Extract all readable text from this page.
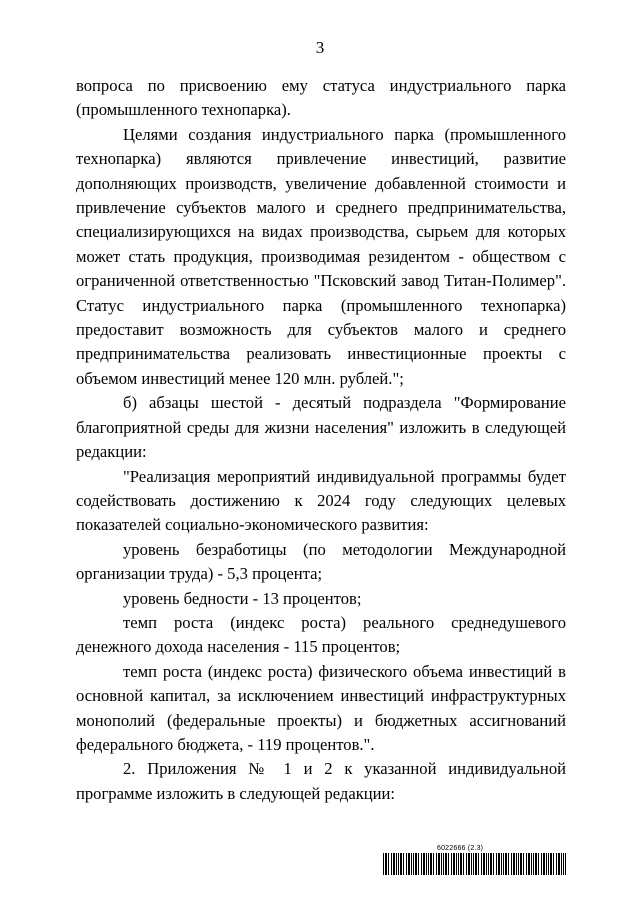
3

вопроса по присвоению ему статуса индустриального парка (промышленного технопарка).

Целями создания индустриального парка (промышленного технопарка) являются привлечение инвестиций, развитие дополняющих производств, увеличение добавленной стоимости и привлечение субъектов малого и среднего предпринимательства, специализирующихся на видах производства, сырьем для которых может стать продукция, производимая резидентом - обществом с ограниченной ответственностью "Псковский завод Титан-Полимер". Статус индустриального парка (промышленного технопарка) предоставит возможность для субъектов малого и среднего предпринимательства реализовать инвестиционные проекты с объемом инвестиций менее 120 млн. рублей.";

б) абзацы шестой - десятый подраздела "Формирование благоприятной среды для жизни населения" изложить в следующей редакции:

"Реализация мероприятий индивидуальной программы будет содействовать достижению к 2024 году следующих целевых показателей социально-экономического развития:

уровень безработицы (по методологии Международной организации труда) - 5,3 процента;

уровень бедности - 13 процентов;

темп роста (индекс роста) реального среднедушевого денежного дохода населения - 115 процентов;

темп роста (индекс роста) физического объема инвестиций в основной капитал, за исключением инвестиций инфраструктурных монополий (федеральные проекты) и бюджетных ассигнований федерального бюджета, - 119 процентов.".

2. Приложения № 1 и 2 к указанной индивидуальной программе изложить в следующей редакции:

6022666 (2.3)
